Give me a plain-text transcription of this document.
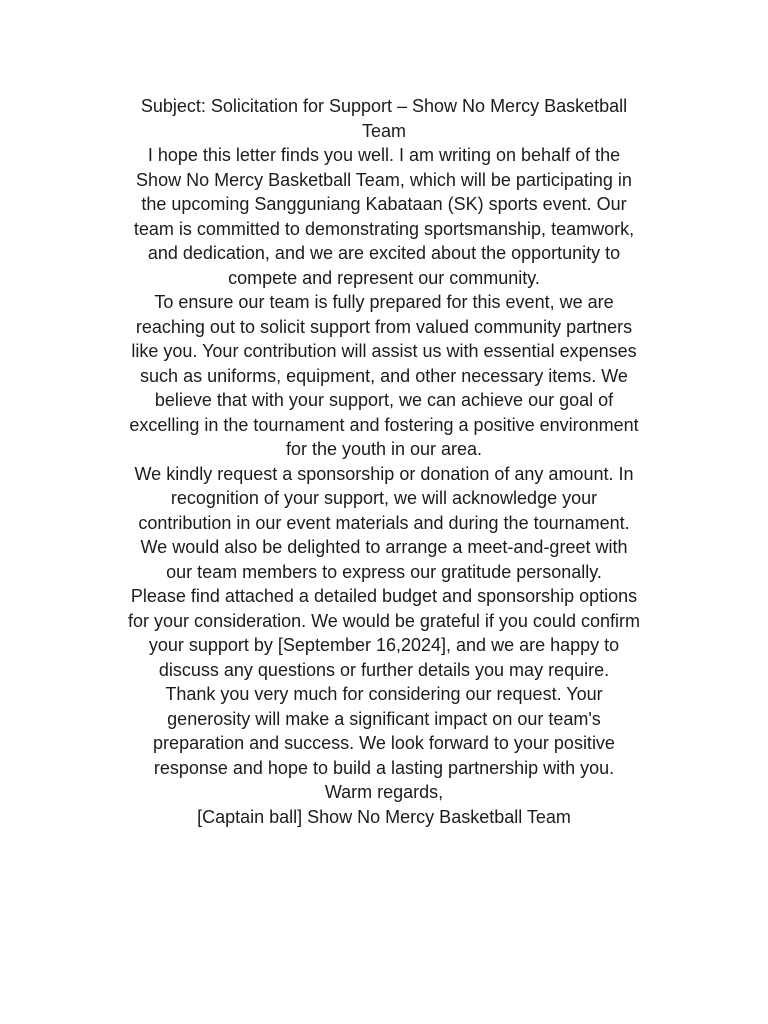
Subject: Solicitation for Support – Show No Mercy Basketball Team

I hope this letter finds you well. I am writing on behalf of the Show No Mercy Basketball Team, which will be participating in the upcoming Sangguniang Kabataan (SK) sports event. Our team is committed to demonstrating sportsmanship, teamwork, and dedication, and we are excited about the opportunity to compete and represent our community.

To ensure our team is fully prepared for this event, we are reaching out to solicit support from valued community partners like you. Your contribution will assist us with essential expenses such as uniforms, equipment, and other necessary items. We believe that with your support, we can achieve our goal of excelling in the tournament and fostering a positive environment for the youth in our area.

We kindly request a sponsorship or donation of any amount. In recognition of your support, we will acknowledge your contribution in our event materials and during the tournament. We would also be delighted to arrange a meet-and-greet with our team members to express our gratitude personally.

Please find attached a detailed budget and sponsorship options for your consideration. We would be grateful if you could confirm your support by [September 16,2024], and we are happy to discuss any questions or further details you may require.

Thank you very much for considering our request. Your generosity will make a significant impact on our team's preparation and success. We look forward to your positive response and hope to build a lasting partnership with you.

Warm regards,

[Captain ball] Show No Mercy Basketball Team
